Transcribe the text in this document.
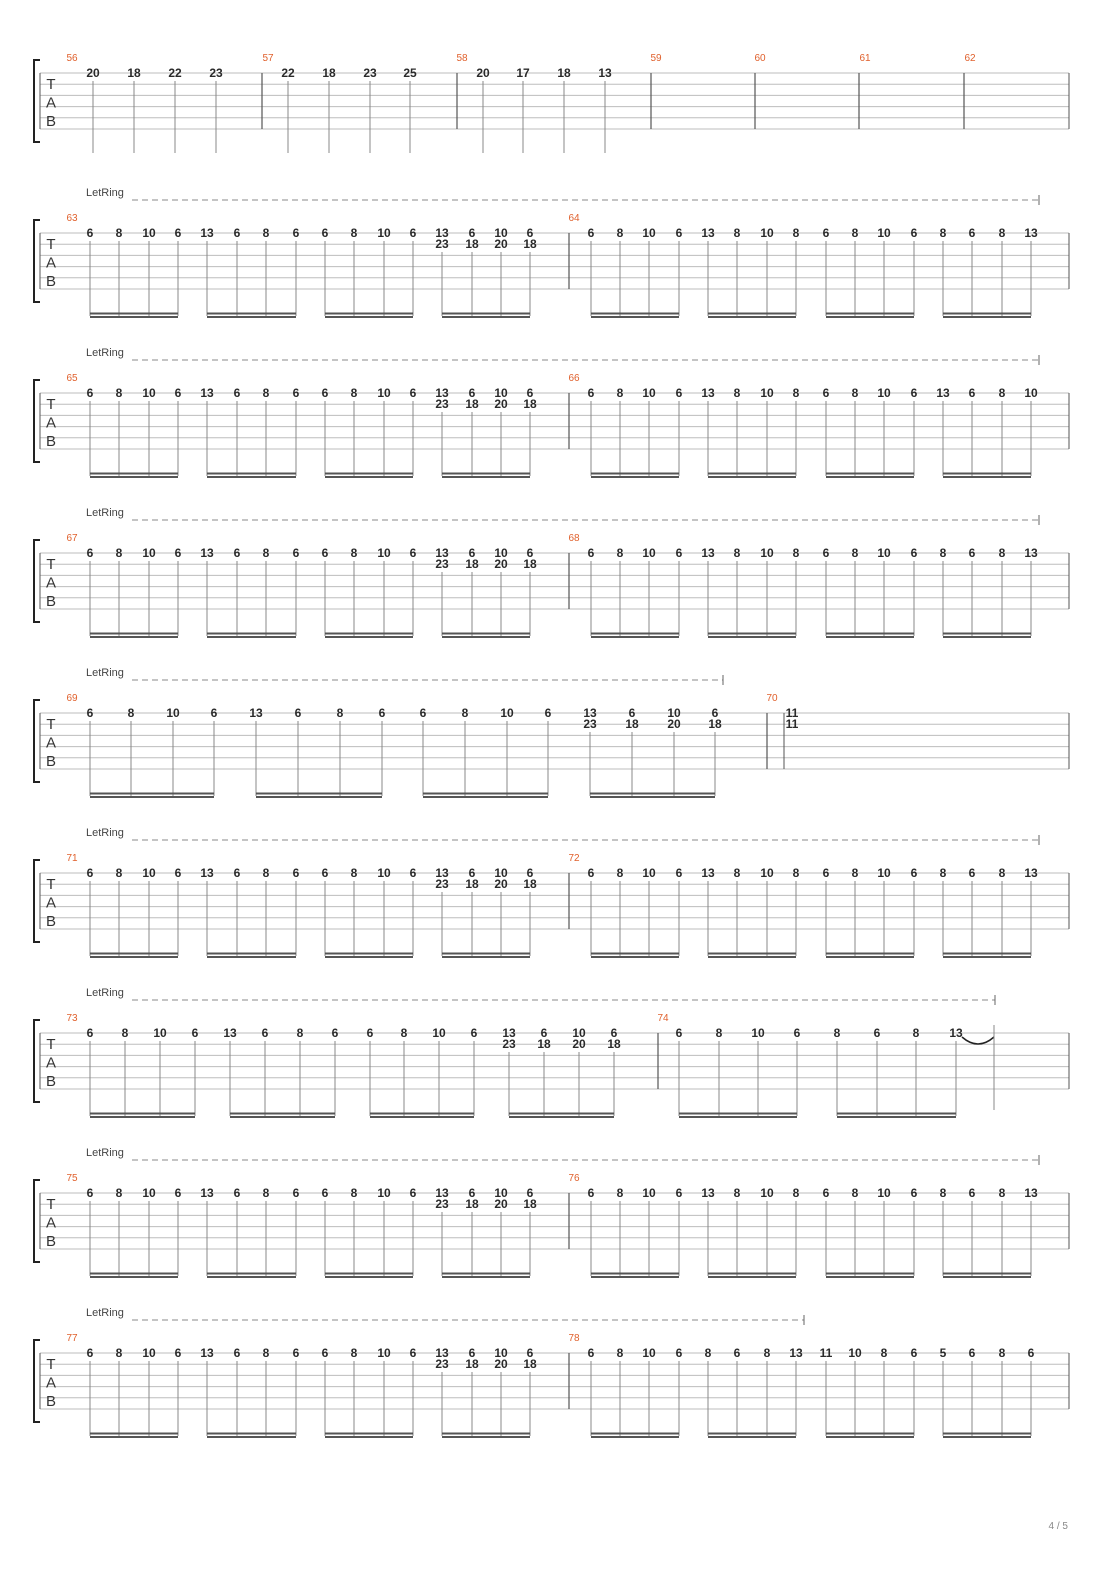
T
A
B
56
20 18 22 23
57
22 18 23 25
58
20 17 18 13
59	60	61	62
T
A
B
LetRing
63
6 8 10 6 13 6 8 6 6 8 10 6 13
23
6
18
10
20
6
18
64
6 8 10 6 13 8 10 8 6 8 10 6 8 6 8 13
T
A
B
LetRing
65
6 8 10 6 13 6 8 6 6 8 10 6 13
23
6
18
10
20
6
18
66
6 8 10 6 13 8 10 8 6 8 10 6 13 6 8 10
T
A
B
LetRing
67
6 8 10 6 13 6 8 6 6 8 10 6 13
23
6
18
10
20
6
18
68
6 8 10 6 13 8 10 8 6 8 10 6 8 6 8 13
T
A
B
LetRing
69
6	8	10	6	13	6	8	6	6	8	10	6	13
23
6
18
10
20
6
18
70
11
11
T
A
B
LetRing
71
6 8 10 6 13 6 8 6 6 8 10 6 13
23
6
18
10
20
6
18
72
6 8 10 6 13 8 10 8 6 8 10 6 8 6 8 13
T
A
B
LetRing
73
6 8 10 6 13 6 8 6 6 8 10 6 13
23
6
18
10
20
6
18
74
6	8 10 6	8	6	8 13
T
A
B
LetRing
75
6 8 10 6 13 6 8 6 6 8 10 6 13
23
6
18
10
20
6
18
76
6 8 10 6 13 8 10 8 6 8 10 6 8 6 8 13
T
A
B
LetRing
77
6 8 10 6 13 6 8 6 6 8 10 6 13
23
6
18
10
20
6
18
78
6 8 10 6 8 6 8 13 11 10 8 6 5 6 8 6
4 / 5
